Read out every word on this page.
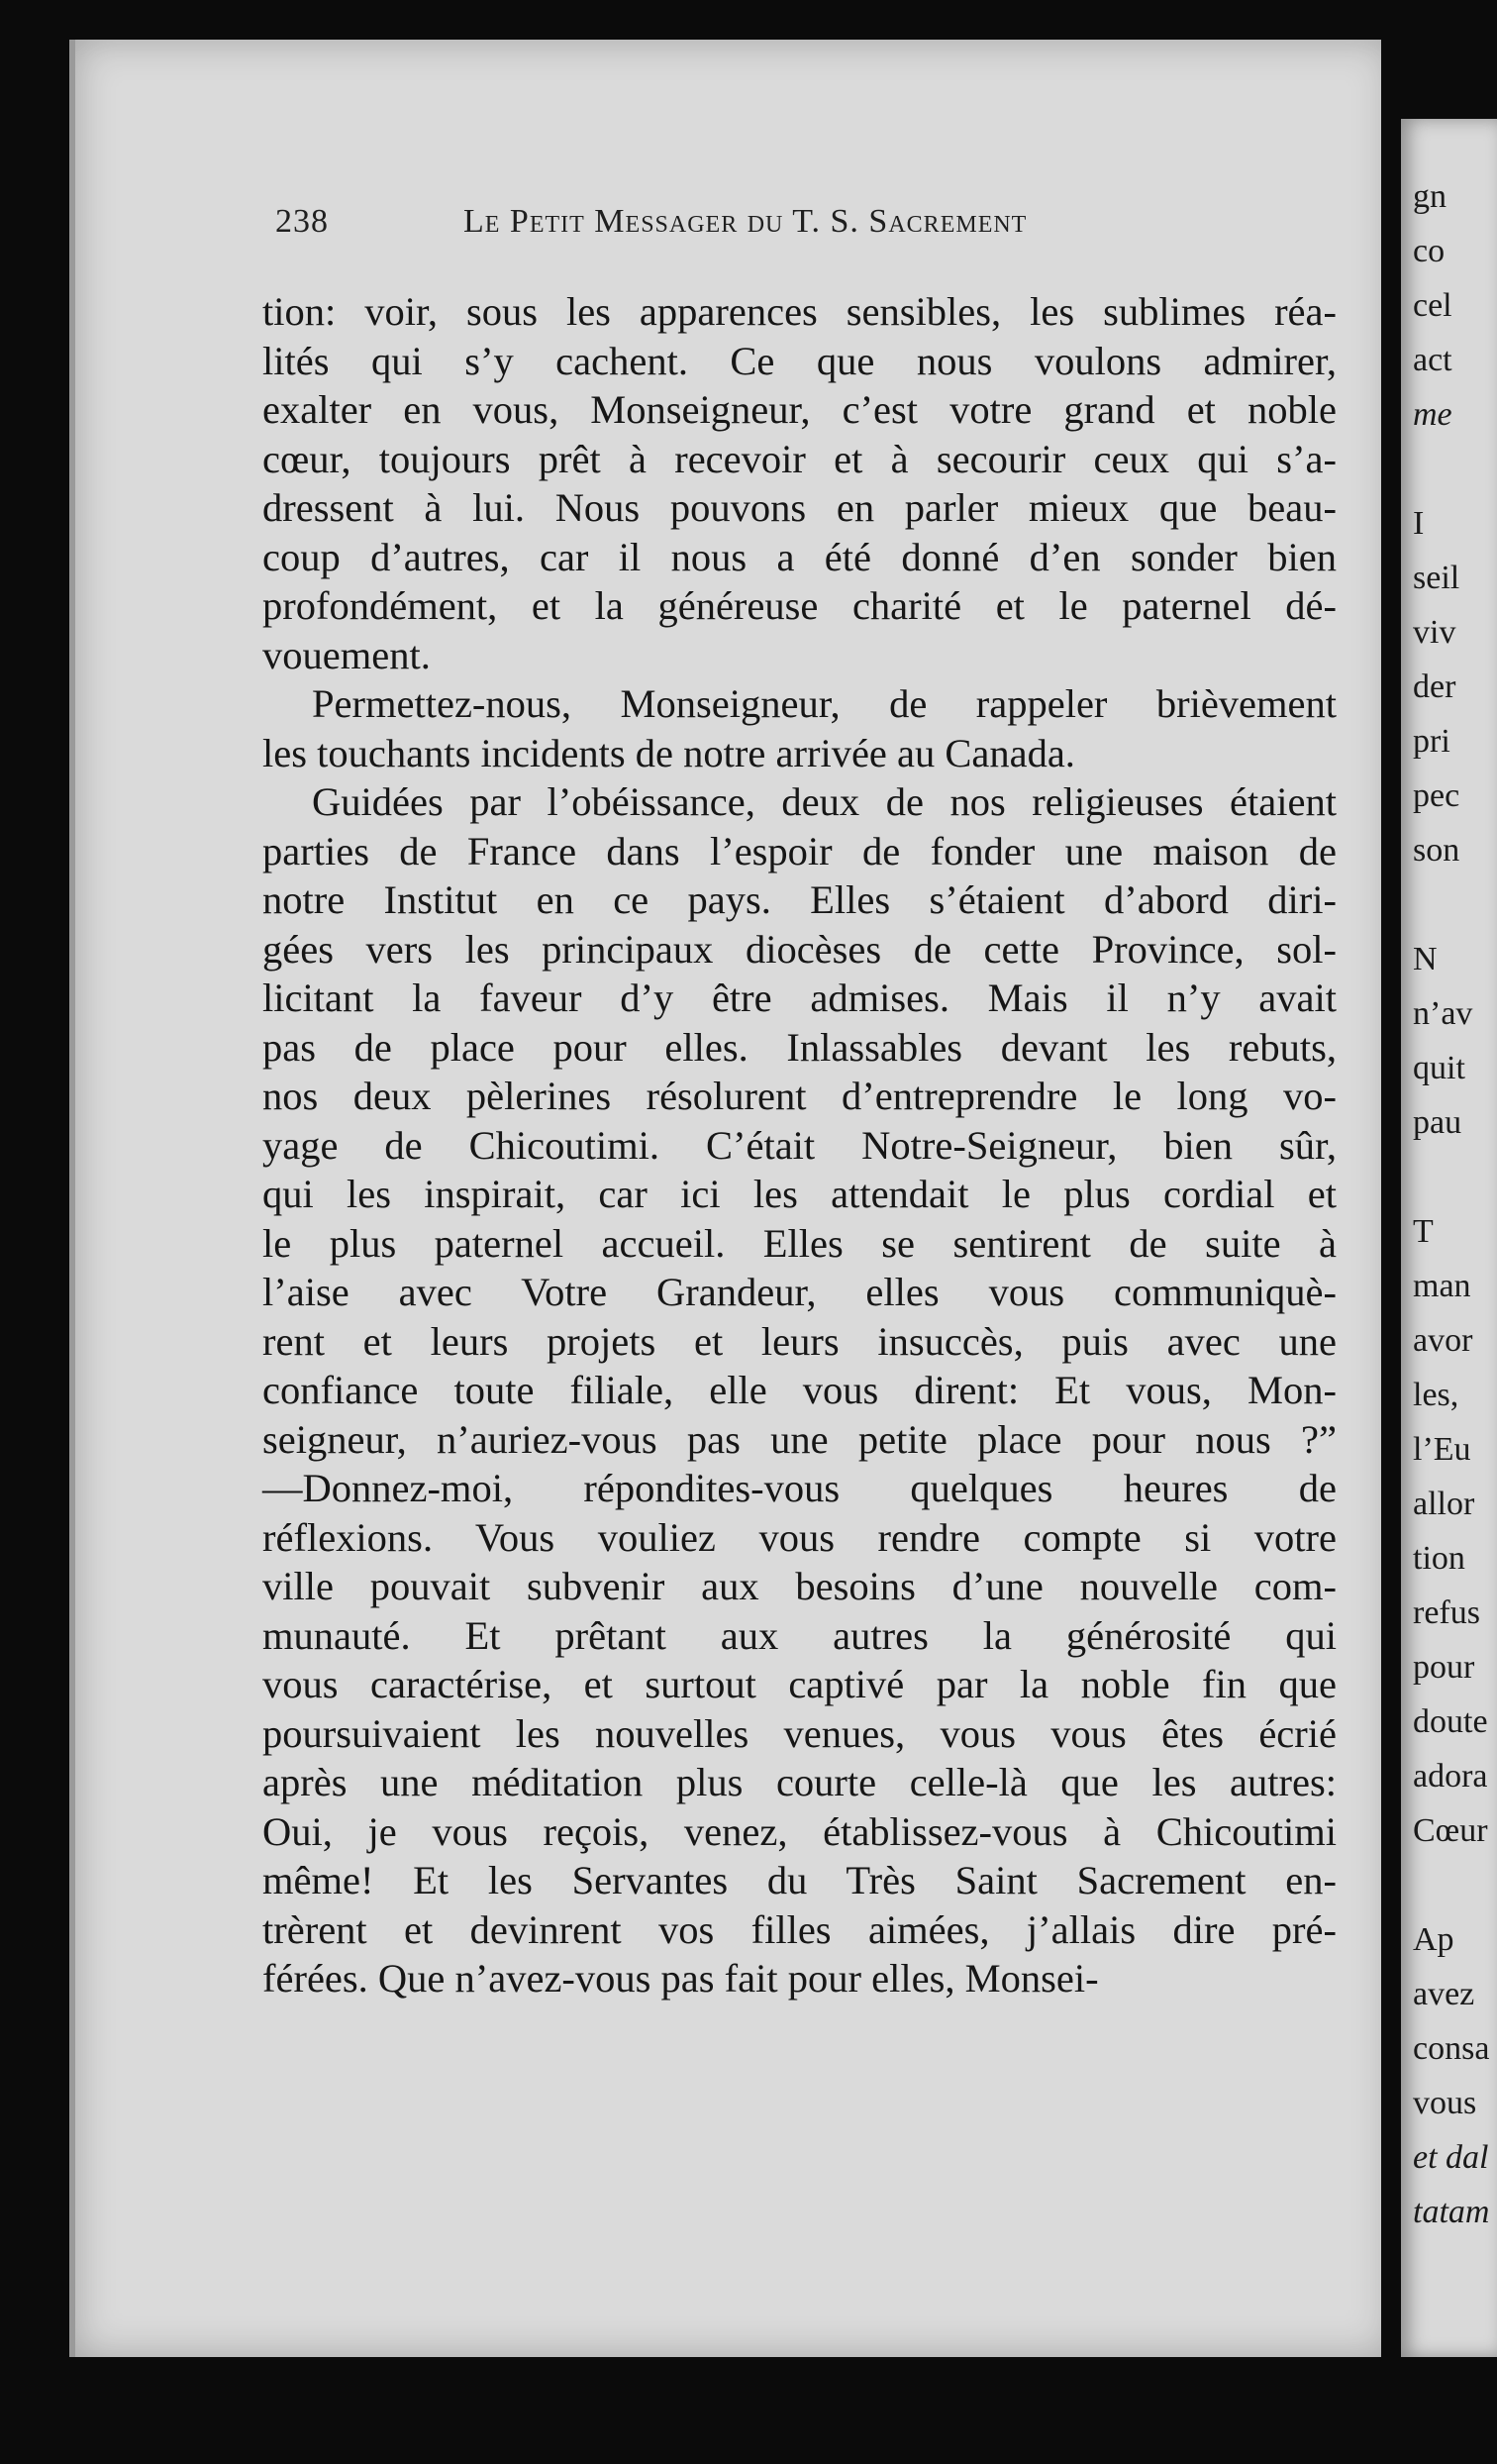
gn

co

cel

act

me

I

seil

viv

der

pri

pec

son

N

n’av

quit

pau

T

man

avor

les,

l’Eu

allor

tion

refus

pour

doute

adora

Cœur

Ap

avez

consa

vous

et dal

tatam

238	Le Petit Messager du T. S. Sacrement

tion: voir, sous les apparences sensibles, les sublimes réa-

lités qui s’y cachent. Ce que nous voulons admirer,

exalter en vous, Monseigneur, c’est votre grand et noble

cœur, toujours prêt à recevoir et à secourir ceux qui s’a-

dressent à lui. Nous pouvons en parler mieux que beau-

coup d’autres, car il nous a été donné d’en sonder bien

profondément, et la généreuse charité et le paternel dé-

vouement.

Permettez-nous, Monseigneur, de rappeler brièvement

les touchants incidents de notre arrivée au Canada.

Guidées par l’obéissance, deux de nos religieuses étaient

parties de France dans l’espoir de fonder une maison de

notre Institut en ce pays. Elles s’étaient d’abord diri-

gées vers les principaux diocèses de cette Province, sol-

licitant la faveur d’y être admises. Mais il n’y avait

pas de place pour elles. Inlassables devant les rebuts,

nos deux pèlerines résolurent d’entreprendre le long vo-

yage de Chicoutimi. C’était Notre-Seigneur, bien sûr,

qui les inspirait, car ici les attendait le plus cordial et

le plus paternel accueil. Elles se sentirent de suite à

l’aise avec Votre Grandeur, elles vous communiquè-

rent et leurs projets et leurs insuccès, puis avec une

confiance toute filiale, elle vous dirent: Et vous, Mon-

seigneur, n’auriez-vous pas une petite place pour nous ?”

—Donnez-moi, répondites-vous quelques heures de

réflexions. Vous vouliez vous rendre compte si votre

ville pouvait subvenir aux besoins d’une nouvelle com-

munauté. Et prêtant aux autres la générosité qui

vous caractérise, et surtout captivé par la noble fin que

poursuivaient les nouvelles venues, vous vous êtes écrié

après une méditation plus courte celle-là que les autres:

Oui, je vous reçois, venez, établissez-vous à Chicoutimi

même! Et les Servantes du Très Saint Sacrement en-

trèrent et devinrent vos filles aimées, j’allais dire pré-

férées. Que n’avez-vous pas fait pour elles, Monsei-
